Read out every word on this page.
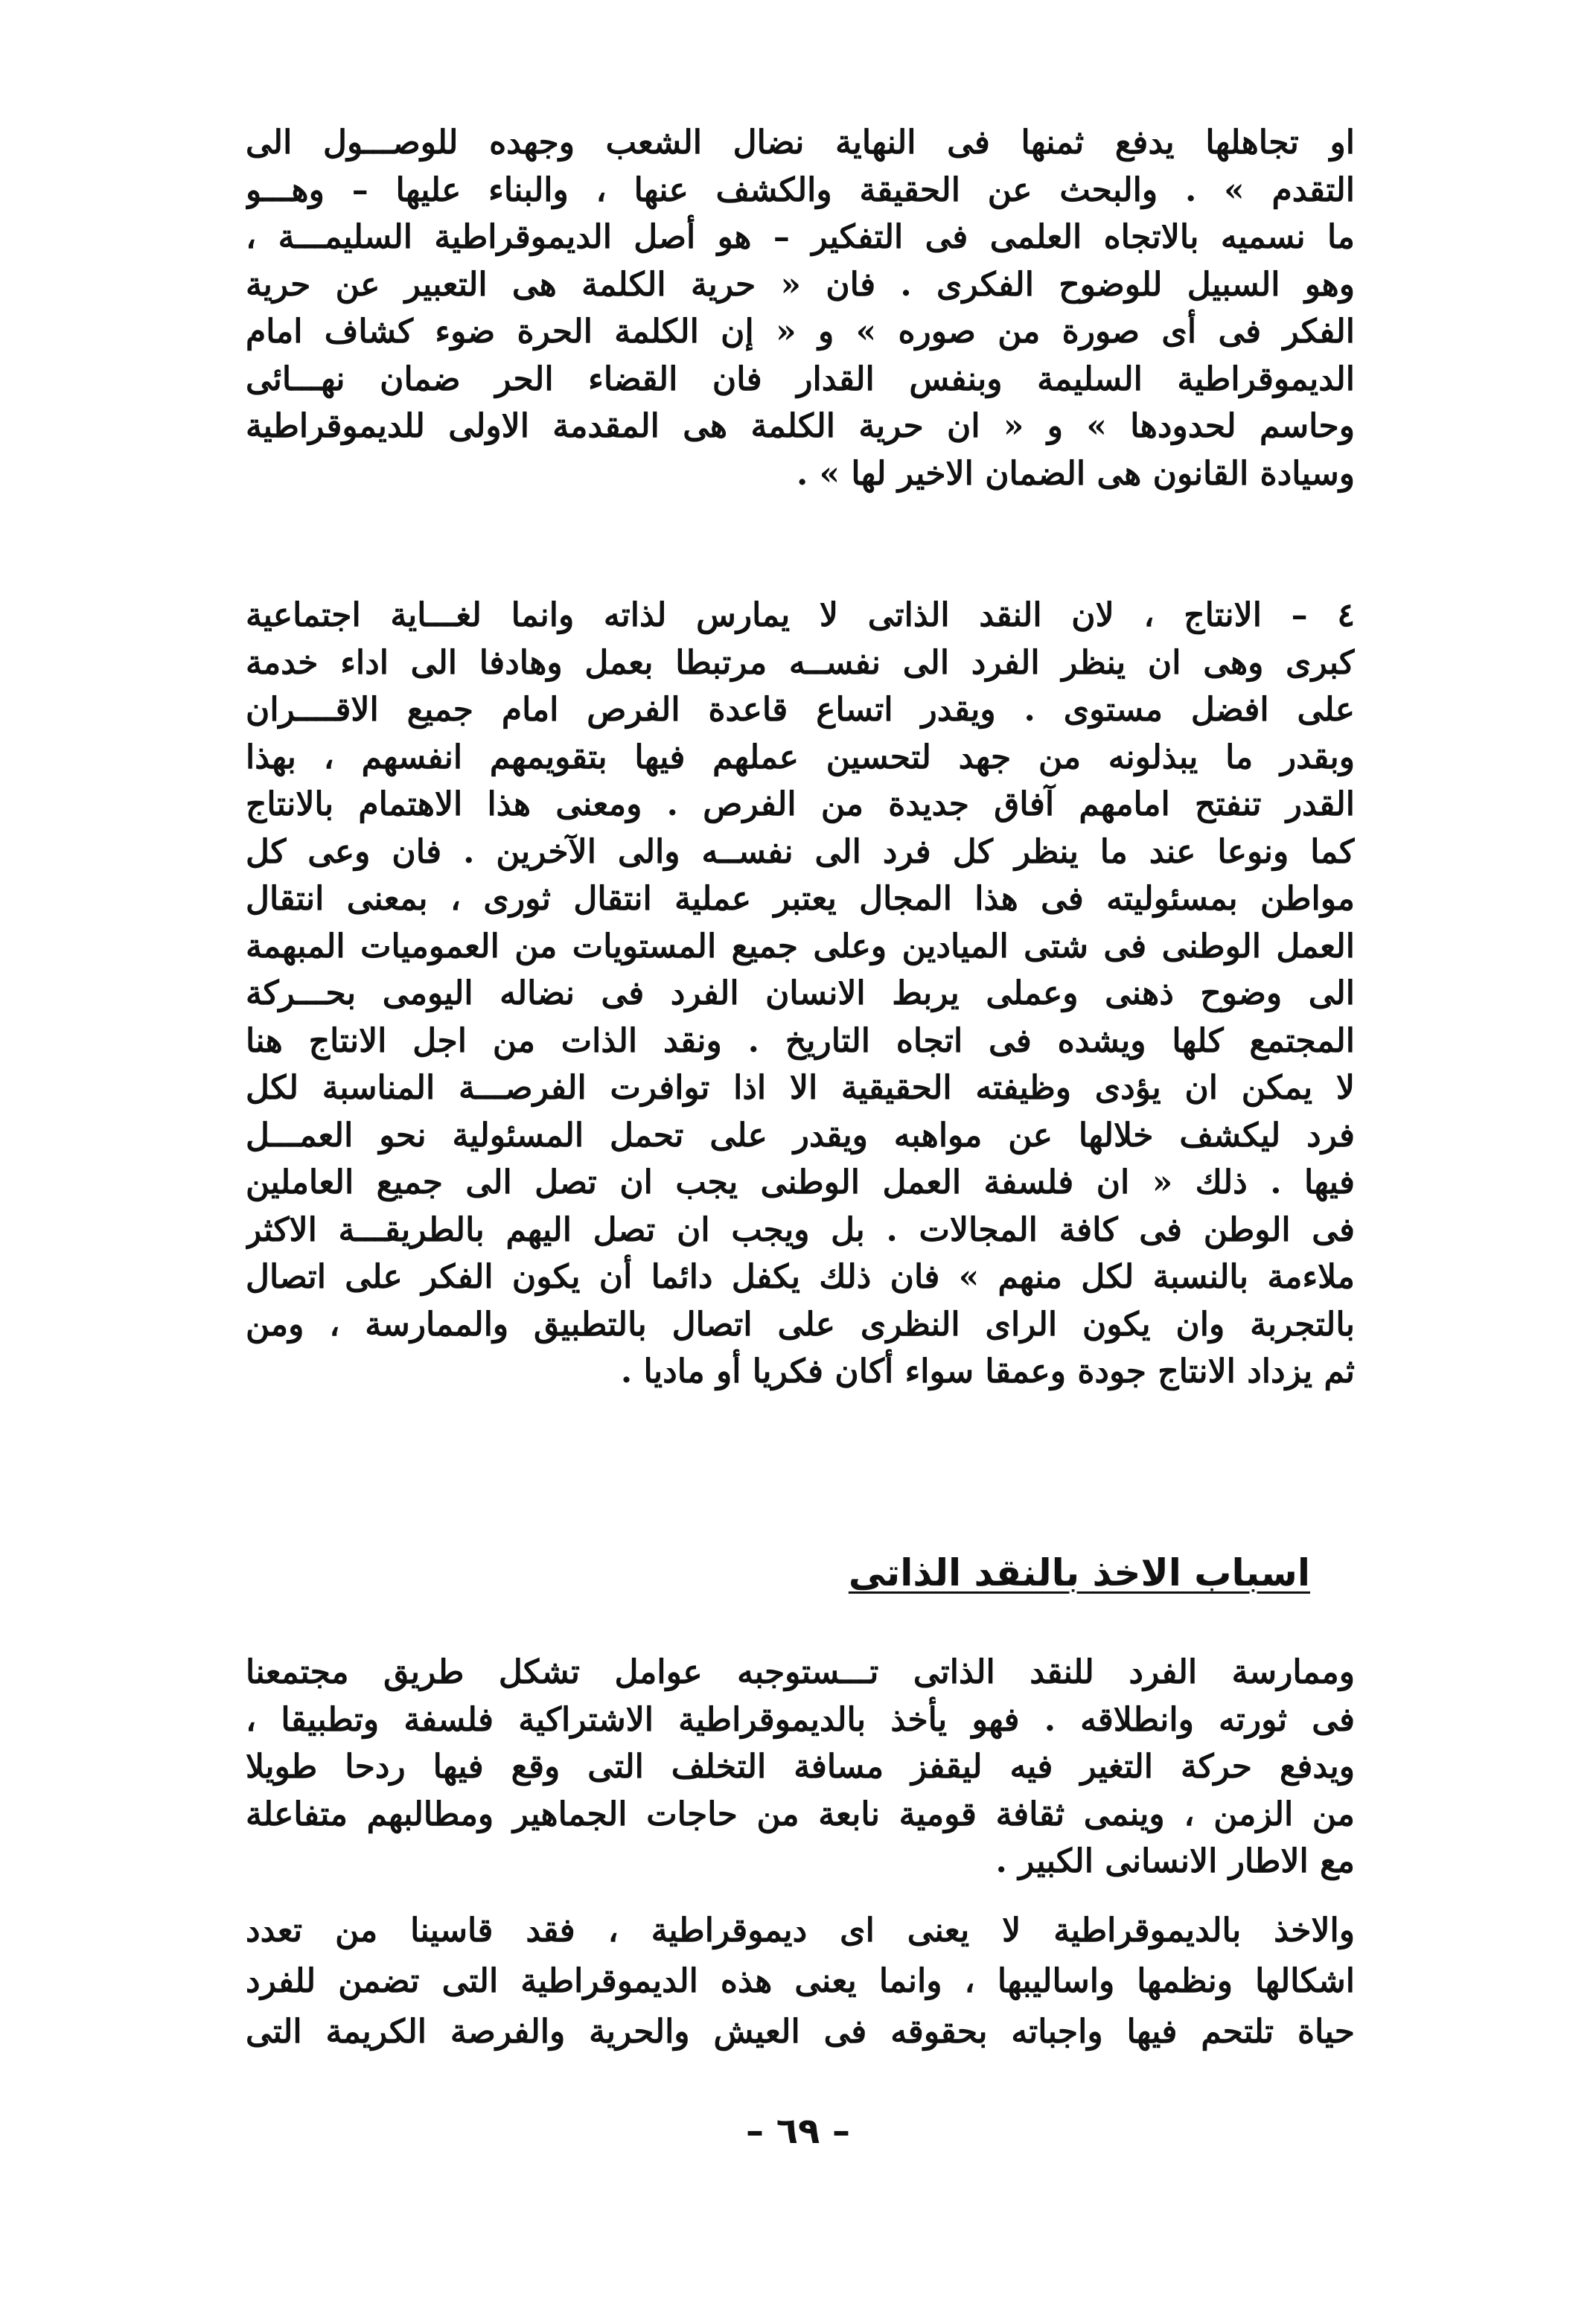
او تجاهلها يدفع ثمنها فى النهاية نضال الشعب وجهده للوصـــول الى
التقدم » . والبحث عن الحقيقة والكشف عنها ، والبناء عليها – وهـــو
ما نسميه بالاتجاه العلمى فى التفكير – هو أصل الديموقراطية السليمـــة ،
وهو السبيل للوضوح الفكرى . فان « حرية الكلمة هى التعبير عن حرية
الفكر فى أى صورة من صوره » و « إن الكلمة الحرة ضوء كشاف امام
الديموقراطية السليمة وبنفس القدار فان القضاء الحر ضمان نهـــائى
وحاسم لحدودها » و « ان حرية الكلمة هى المقدمة الاولى للديموقراطية
وسيادة القانون هى الضمان الاخير لها » .
٤ – الانتاج ، لان النقد الذاتى لا يمارس لذاته وانما لغـــاية اجتماعية
كبرى وهى ان ينظر الفرد الى نفســه مرتبطا بعمل وهادفا الى اداء خدمة
على افضل مستوى . ويقدر اتساع قاعدة الفرص امام جميع الاقــــران
وبقدر ما يبذلونه من جهد لتحسين عملهم فيها بتقويمهم انفسهم ، بهذا
القدر تنفتح امامهم آفاق جديدة من الفرص . ومعنى هذا الاهتمام بالانتاج
كما ونوعا عند ما ينظر كل فرد الى نفســه والى الآخرين . فان وعى كل
مواطن بمسئوليته فى هذا المجال يعتبر عملية انتقال ثورى ، بمعنى انتقال
العمل الوطنى فى شتى الميادين وعلى جميع المستويات من العموميات المبهمة
الى وضوح ذهنى وعملى يربط الانسان الفرد فى نضاله اليومى بحـــركة
المجتمع كلها ويشده فى اتجاه التاريخ . ونقد الذات من اجل الانتاج هنا
لا يمكن ان يؤدى وظيفته الحقيقية الا اذا توافرت الفرصـــة المناسبة لكل
فرد ليكشف خلالها عن مواهبه ويقدر على تحمل المسئولية نحو العمـــل
فيها . ذلك « ان فلسفة العمل الوطنى يجب ان تصل الى جميع العاملين
فى الوطن فى كافة المجالات . بل ويجب ان تصل اليهم بالطريقـــة الاكثر
ملاءمة بالنسبة لكل منهم » فان ذلك يكفل دائما أن يكون الفكر على اتصال
بالتجربة وان يكون الراى النظرى على اتصال بالتطبيق والممارسة ، ومن
ثم يزداد الانتاج جودة وعمقا سواء أكان فكريا أو ماديا .
اسباب الاخذ بالنقد الذاتى
وممارسة الفرد للنقد الذاتى تـــستوجبه عوامل تشكل طريق مجتمعنا
فى ثورته وانطلاقه . فهو يأخذ بالديموقراطية الاشتراكية فلسفة وتطبيقا ،
ويدفع حركة التغير فيه ليقفز مسافة التخلف التى وقع فيها ردحا طويلا
من الزمن ، وينمى ثقافة قومية نابعة من حاجات الجماهير ومطالبهم متفاعلة
مع الاطار الانسانى الكبير .
والاخذ بالديموقراطية لا يعنى اى ديموقراطية ، فقد قاسينا من تعدد
اشكالها ونظمها واساليبها ، وانما يعنى هذه الديموقراطية التى تضمن للفرد
حياة تلتحم فيها واجباته بحقوقه فى العيش والحرية والفرصة الكريمة التى
– ٦٩ –
